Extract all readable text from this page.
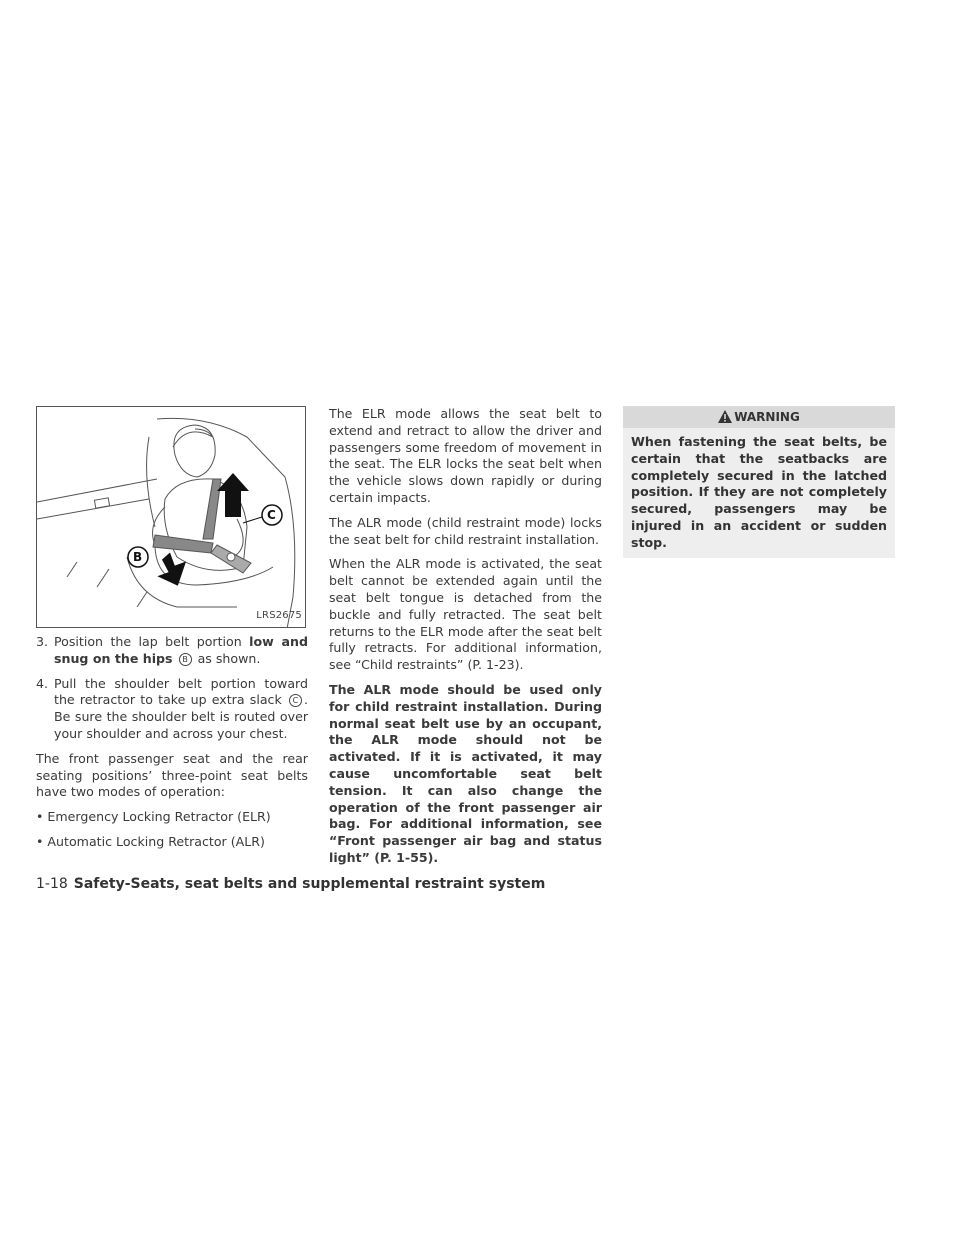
C
B
LRS2675
3. Position the lap belt portion low and snug on the hips B as shown.
4. Pull the shoulder belt portion toward the retractor to take up extra slack C . Be sure the shoulder belt is routed over your shoulder and across your chest.

The front passenger seat and the rear seating positions’ three-point seat belts have two modes of operation:

• Emergency Locking Retractor (ELR)
• Automatic Locking Retractor (ALR)

The ELR mode allows the seat belt to extend and retract to allow the driver and passengers some freedom of movement in the seat. The ELR locks the seat belt when the vehicle slows down rapidly or during certain impacts.

The ALR mode (child restraint mode) locks the seat belt for child restraint installation.

When the ALR mode is activated, the seat belt cannot be extended again until the seat belt tongue is detached from the buckle and fully retracted. The seat belt returns to the ELR mode after the seat belt fully retracts. For additional information, see “Child restraints” (P. 1-23).

The ALR mode should be used only for child restraint installation. During normal seat belt use by an occupant, the ALR mode should not be activated. If it is activated, it may cause uncomfortable seat belt tension. It can also change the operation of the front passenger air bag. For additional information, see “Front passenger air bag and status light” (P. 1-55).

WARNING
When fastening the seat belts, be certain that the seatbacks are completely secured in the latched position. If they are not completely secured, passengers may be injured in an accident or sudden stop.
1-18 Safety-Seats, seat belts and supplemental restraint system
